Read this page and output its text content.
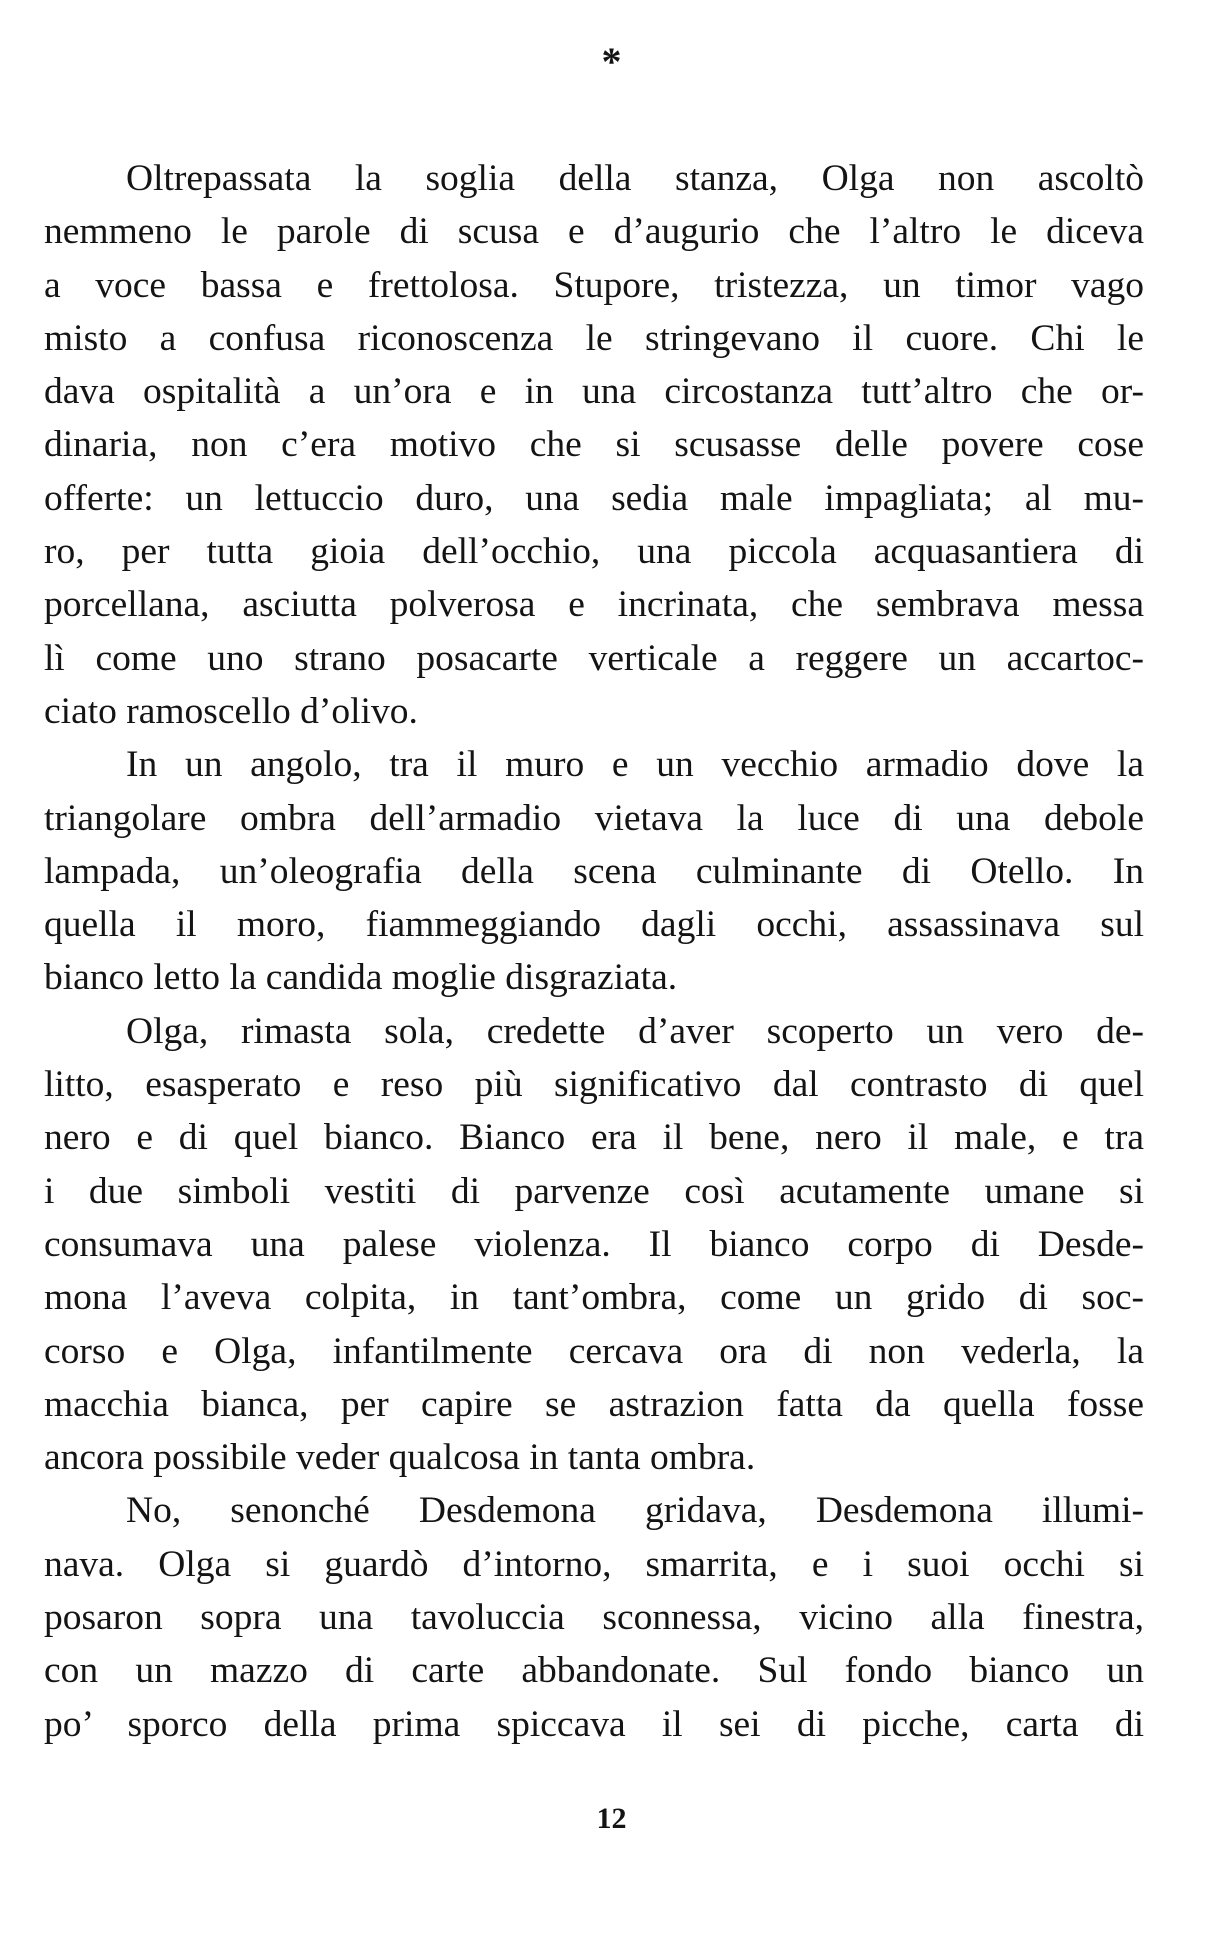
*

Oltrepassata la soglia della stanza, Olga non ascoltò
nemmeno le parole di scusa e d’augurio che l’altro le diceva
a voce bassa e frettolosa. Stupore, tristezza, un timor vago
misto a confusa riconoscenza le stringevano il cuore. Chi le
dava ospitalità a un’ora e in una circostanza tutt’altro che or-
dinaria, non c’era motivo che si scusasse delle povere cose
offerte: un lettuccio duro, una sedia male impagliata; al mu-
ro, per tutta gioia dell’occhio, una piccola acquasantiera di
porcellana, asciutta polverosa e incrinata, che sembrava messa
lì come uno strano posacarte verticale a reggere un accartoc-
ciato ramoscello d’olivo.

In un angolo, tra il muro e un vecchio armadio dove la
triangolare ombra dell’armadio vietava la luce di una debole
lampada, un’oleografia della scena culminante di Otello. In
quella il moro, fiammeggiando dagli occhi, assassinava sul
bianco letto la candida moglie disgraziata.

Olga, rimasta sola, credette d’aver scoperto un vero de-
litto, esasperato e reso più significativo dal contrasto di quel
nero e di quel bianco. Bianco era il bene, nero il male, e tra
i due simboli vestiti di parvenze così acutamente umane si
consumava una palese violenza. Il bianco corpo di Desde-
mona l’aveva colpita, in tant’ombra, come un grido di soc-
corso e Olga, infantilmente cercava ora di non vederla, la
macchia bianca, per capire se astrazion fatta da quella fosse
ancora possibile veder qualcosa in tanta ombra.

No, senonché Desdemona gridava, Desdemona illumi-
nava. Olga si guardò d’intorno, smarrita, e i suoi occhi si
posaron sopra una tavoluccia sconnessa, vicino alla finestra,
con un mazzo di carte abbandonate. Sul fondo bianco un
po’ sporco della prima spiccava il sei di picche, carta di

12
